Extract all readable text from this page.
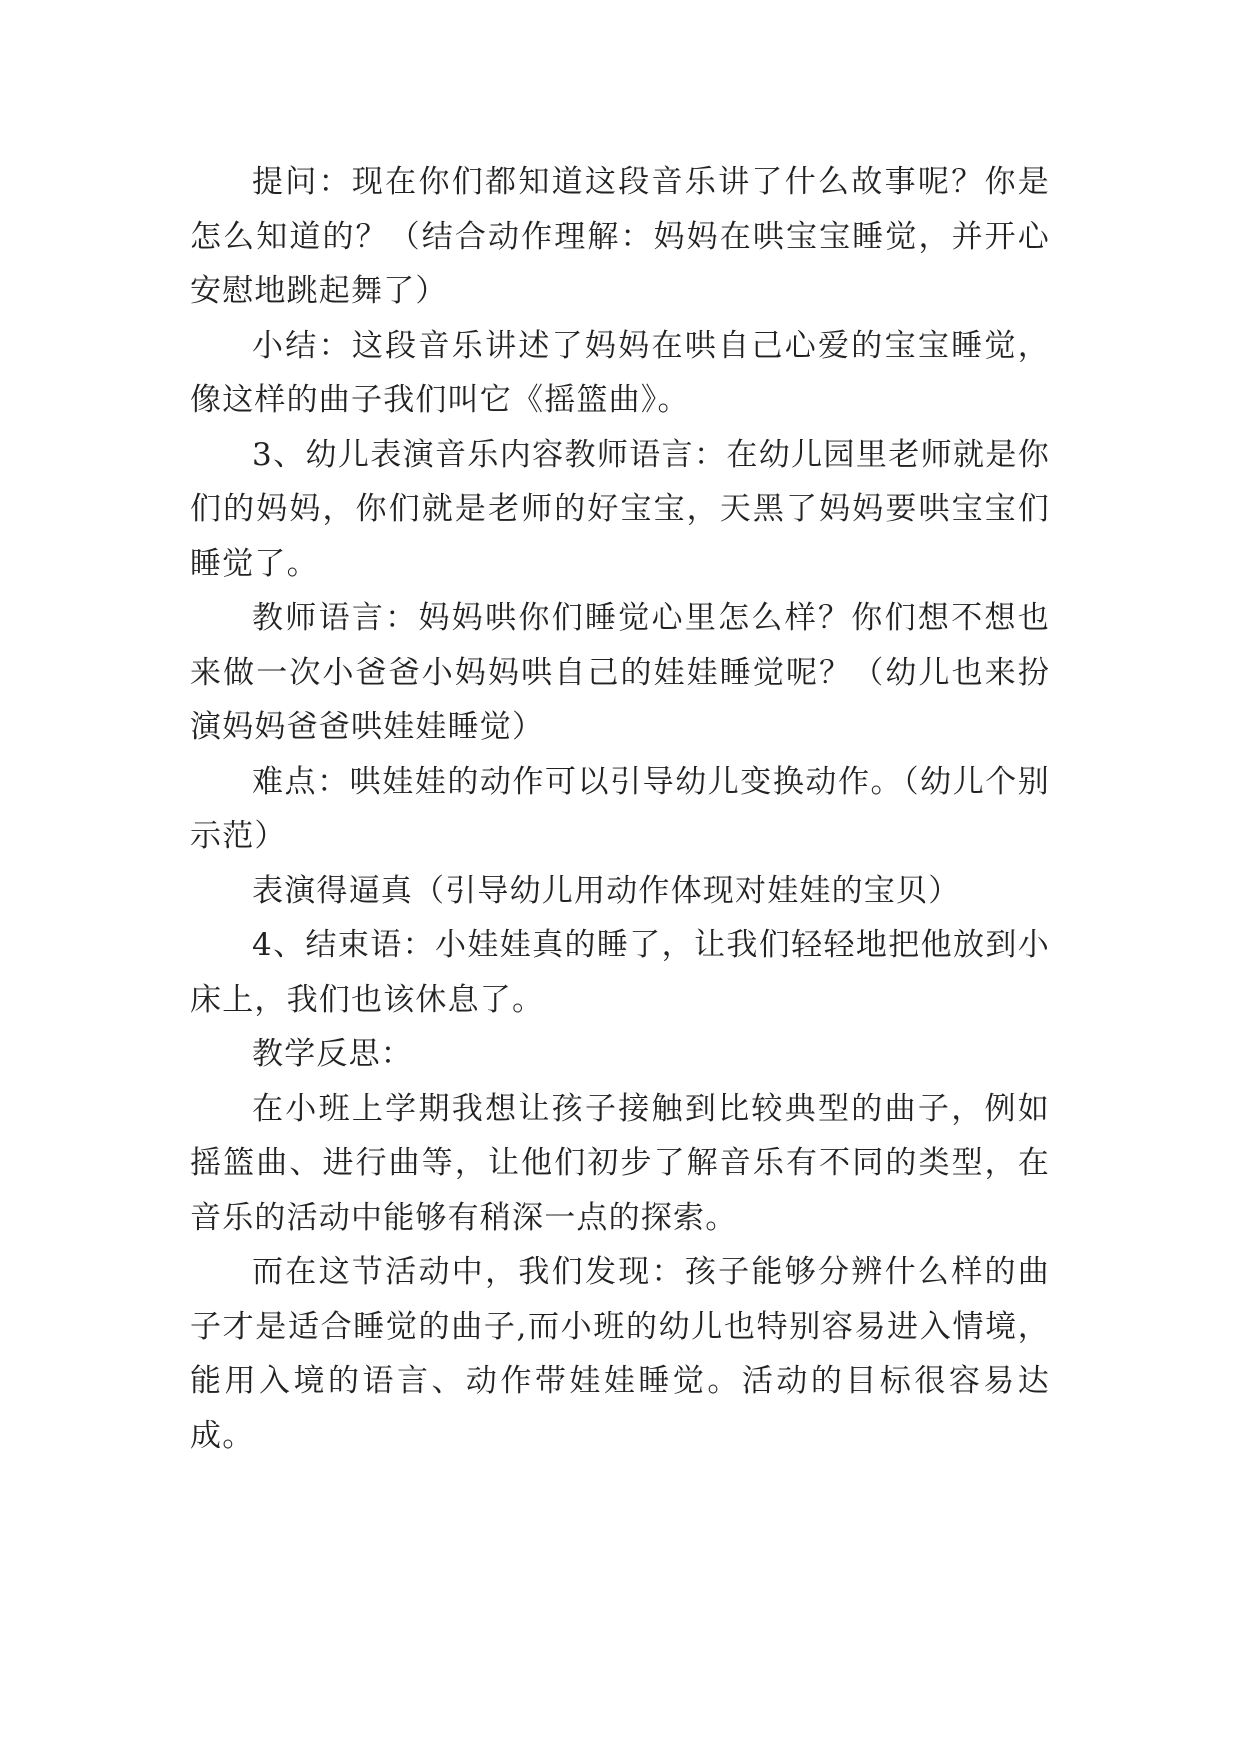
提问：现在你们都知道这段音乐讲了什么故事呢？你是怎么知道的？（结合动作理解：妈妈在哄宝宝睡觉，并开心安慰地跳起舞了）

小结：这段音乐讲述了妈妈在哄自己心爱的宝宝睡觉，像这样的曲子我们叫它《摇篮曲》。

3、幼儿表演音乐内容教师语言：在幼儿园里老师就是你们的妈妈，你们就是老师的好宝宝，天黑了妈妈要哄宝宝们睡觉了。

教师语言：妈妈哄你们睡觉心里怎么样？你们想不想也来做一次小爸爸小妈妈哄自己的娃娃睡觉呢？（幼儿也来扮演妈妈爸爸哄娃娃睡觉）

难点：哄娃娃的动作可以引导幼儿变换动作。（幼儿个别示范）

表演得逼真（引导幼儿用动作体现对娃娃的宝贝）

4、结束语：小娃娃真的睡了，让我们轻轻地把他放到小床上，我们也该休息了。

教学反思：

在小班上学期我想让孩子接触到比较典型的曲子，例如摇篮曲、进行曲等，让他们初步了解音乐有不同的类型，在音乐的活动中能够有稍深一点的探索。

而在这节活动中，我们发现：孩子能够分辨什么样的曲子才是适合睡觉的曲子,而小班的幼儿也特别容易进入情境，能用入境的语言、动作带娃娃睡觉。活动的目标很容易达成。
